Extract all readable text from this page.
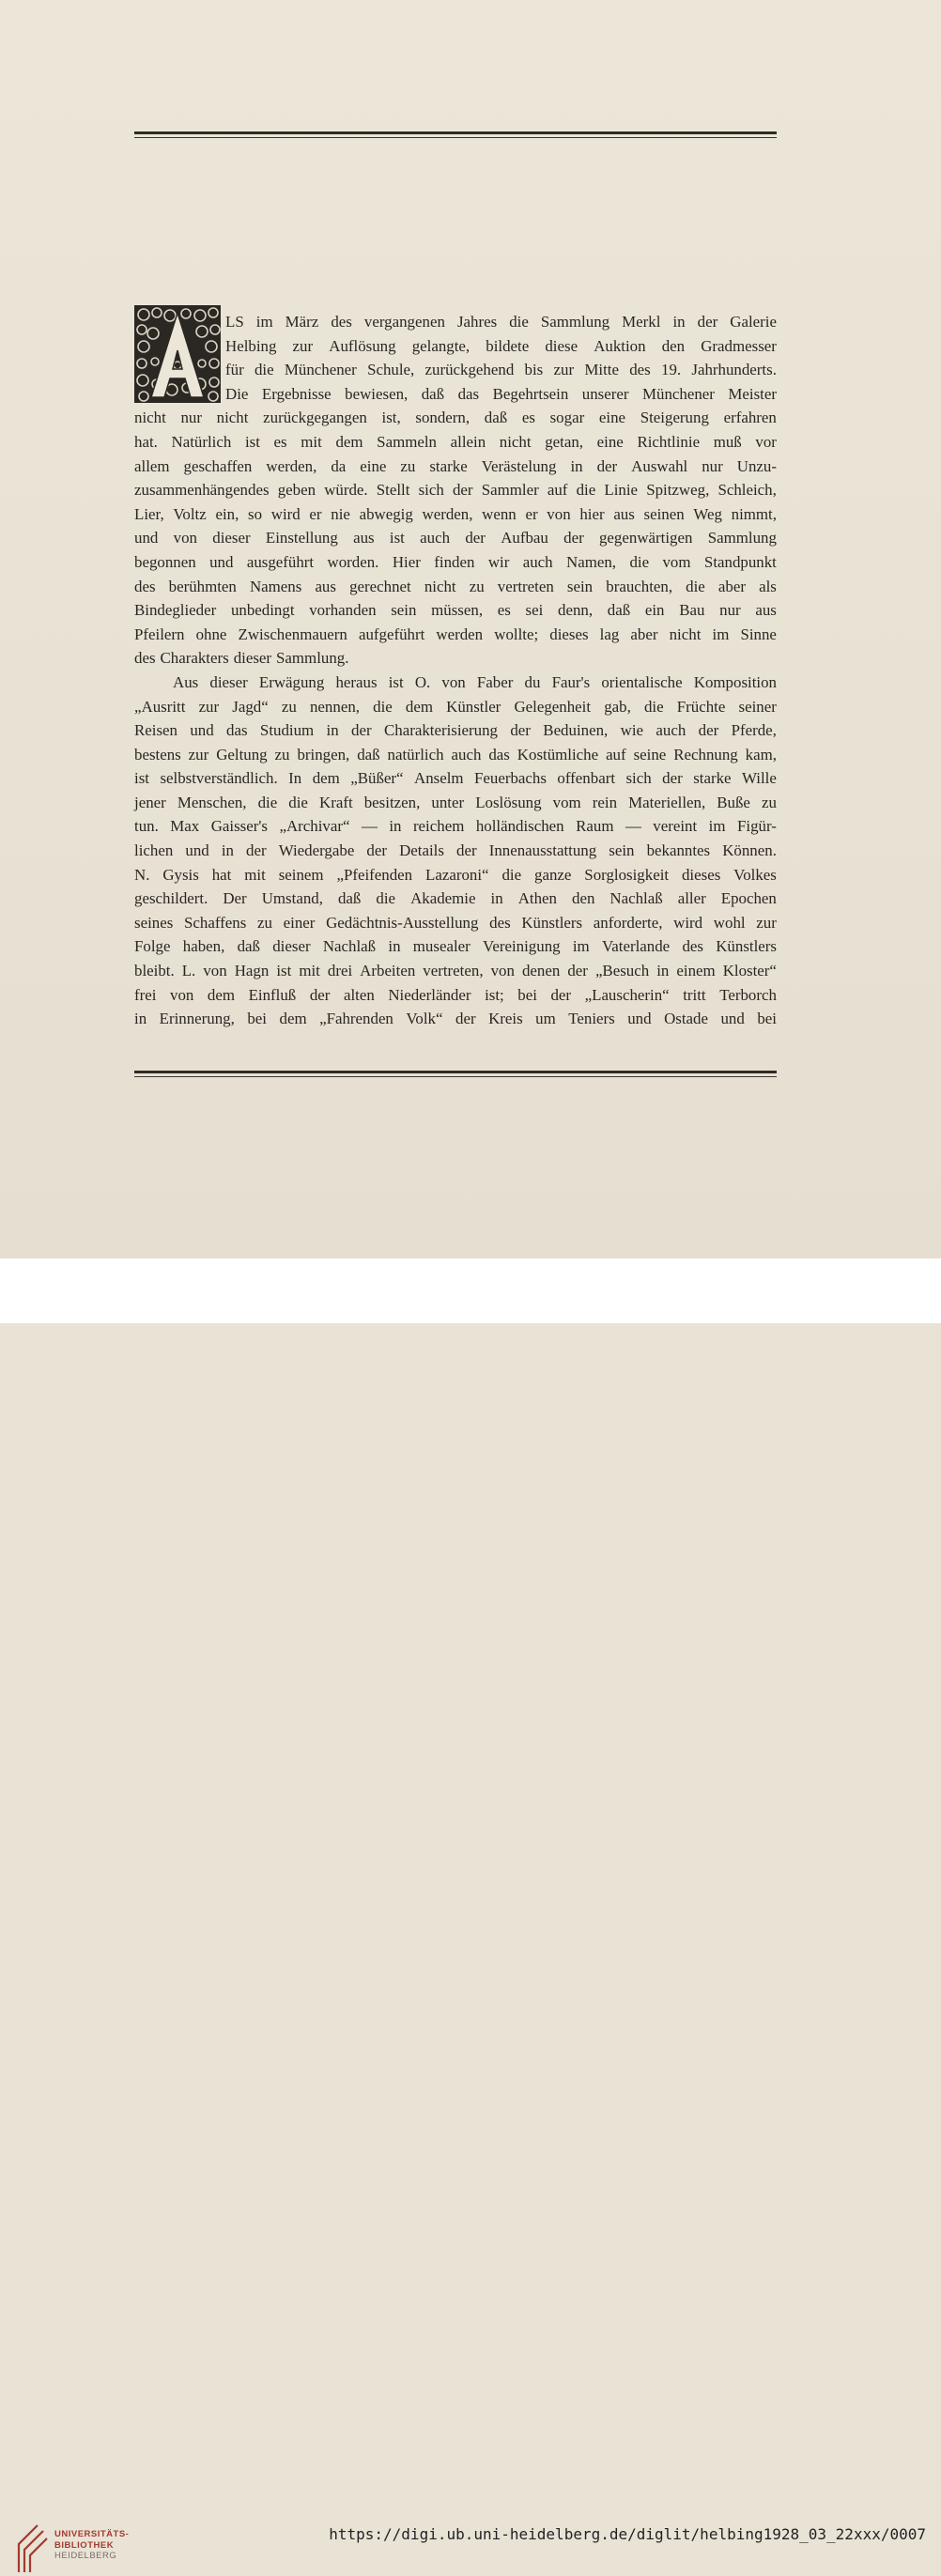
LS im März des vergangenen Jahres die Sammlung Merkl in der Galerie
Helbing zur Auflösung gelangte, bildete diese Auktion den Gradmesser
für die Münchener Schule, zurückgehend bis zur Mitte des 19. Jahrhunderts.
Die Ergebnisse bewiesen, daß das Begehrtsein unserer Münchener Meister
nicht nur nicht zurückgegangen ist, sondern, daß es sogar eine Steigerung erfahren
hat. Natürlich ist es mit dem Sammeln allein nicht getan, eine Richtlinie muß vor
allem geschaffen werden, da eine zu starke Verästelung in der Auswahl nur Unzu-
zusammenhängendes geben würde. Stellt sich der Sammler auf die Linie Spitzweg, Schleich,
Lier, Voltz ein, so wird er nie abwegig werden, wenn er von hier aus seinen Weg nimmt,
und von dieser Einstellung aus ist auch der Aufbau der gegenwärtigen Sammlung
begonnen und ausgeführt worden. Hier finden wir auch Namen, die vom Standpunkt
des berühmten Namens aus gerechnet nicht zu vertreten sein brauchten, die aber als
Bindeglieder unbedingt vorhanden sein müssen, es sei denn, daß ein Bau nur aus
Pfeilern ohne Zwischenmauern aufgeführt werden wollte; dieses lag aber nicht im Sinne
des Charakters dieser Sammlung.
Aus dieser Erwägung heraus ist O. von Faber du Faur's orientalische Komposition
„Ausritt zur Jagd“ zu nennen, die dem Künstler Gelegenheit gab, die Früchte seiner
Reisen und das Studium in der Charakterisierung der Beduinen, wie auch der Pferde,
bestens zur Geltung zu bringen, daß natürlich auch das Kostümliche auf seine Rechnung kam,
ist selbstverständlich. In dem „Büßer“ Anselm Feuerbachs offenbart sich der starke Wille
jener Menschen, die die Kraft besitzen, unter Loslösung vom rein Materiellen, Buße zu
tun. Max Gaisser's „Archivar“ — in reichem holländischen Raum — vereint im Figür-
lichen und in der Wiedergabe der Details der Innenausstattung sein bekanntes Können.
N. Gysis hat mit seinem „Pfeifenden Lazaroni“ die ganze Sorglosigkeit dieses Volkes
geschildert. Der Umstand, daß die Akademie in Athen den Nachlaß aller Epochen
seines Schaffens zu einer Gedächtnis-Ausstellung des Künstlers anforderte, wird wohl zur
Folge haben, daß dieser Nachlaß in musealer Vereinigung im Vaterlande des Künstlers
bleibt. L. von Hagn ist mit drei Arbeiten vertreten, von denen der „Besuch in einem Kloster“
frei von dem Einfluß der alten Niederländer ist; bei der „Lauscherin“ tritt Terborch
in Erinnerung, bei dem „Fahrenden Volk“ der Kreis um Teniers und Ostade und bei
UNIVERSITÄTS-
BIBLIOTHEK
HEIDELBERG
https://digi.ub.uni-heidelberg.de/diglit/helbing1928_03_22xxx/0007
